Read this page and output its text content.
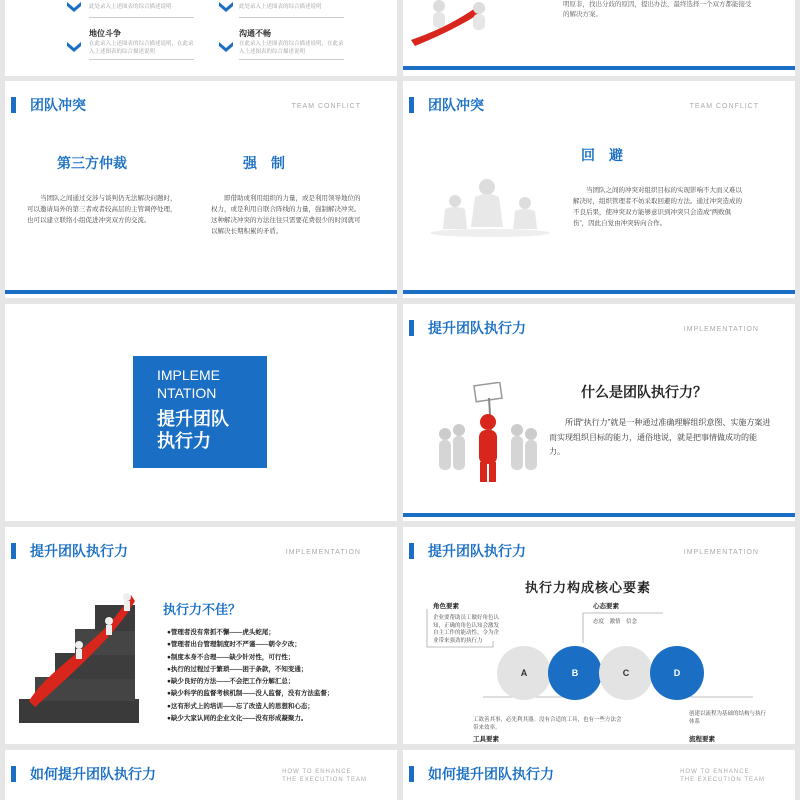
此处录入上述图表的综合描述说明	此处录入上述图表的综合描述说明
地位斗争
在此录入上述图表的综合描述说明，在此录入上述图表的综合描述说明
沟通不畅
在此录入上述图表的综合描述说明，在此录入上述图表的综合描述说明
明原非，找出分歧的原因，提出办法，最终选择一个双方都能接受的解决方案。
团队冲突	TEAM CONFLICT
第三方仲裁
当团队之间通过交涉与谈判仍无法解决问题时，可以邀请局外的第三者或者较高层的主管调停处理，也可以建立联络小组促进冲突双方的交流。
强　制
即借助或利用组织的力量，或是利用领导地位的权力，或是利用自联合阵线的力量，强制解决冲突。这种解决冲突的方法往往只需要花费很少的时间就可以解决长期积累的矛盾。
团队冲突	TEAM CONFLICT
回　避
当团队之间的冲突对组织目标的实现影响不大而又难以解决时，组织管理者不妨采取回避的方法。通过冲突造成的不良后果，使冲突双方能够意识到冲突只会造成“两败俱伤”，因此自觉由冲突转向合作。
IMPLEME
NTATION
提升团队
执行力
提升团队执行力	IMPLEMENTATION
什么是团队执行力？
所谓“执行力”就是一种通过准确理解组织意图、实施方案进而实现组织目标的能力，通俗地说，就是把事情做成功的能力。
提升团队执行力	IMPLEMENTATION
执行力不佳？
●管理者没有常抓不懈——虎头蛇尾；
●管理者出台管理制度时不严谨——朝令夕改；
●制度本身不合理——缺少针对性，可行性；
●执行的过程过于繁琐——困于条款，不知变通；
●缺少良好的方法——不会把工作分解汇总；
●缺少科学的监督考核机制——没人监督，没有方法监督；
●这有形式上的培训——忘了改造人的思想和心态；
●缺少大家认同的企业文化——没有形成凝聚力。
提升团队执行力	IMPLEMENTATION
执行力构成核心要素
角色要素
企业要帮助员工做好角色认知，正确的角色认知会激发自主工作的能动性，令为企业带来强劲的执行力
心态要素
态度　激情　信念
A	B	C	D
工欲善其事，必先利其器。没有合适的工具，也有一些方法会带来效率。
工具要素
创建以流程为基础的结构与执行体系
流程要素
如何提升团队执行力	HOW TO ENHANCE
THE EXECUTION TEAM	如何提升团队执行力	HOW TO ENHANCE
THE EXECUTION TEAM
